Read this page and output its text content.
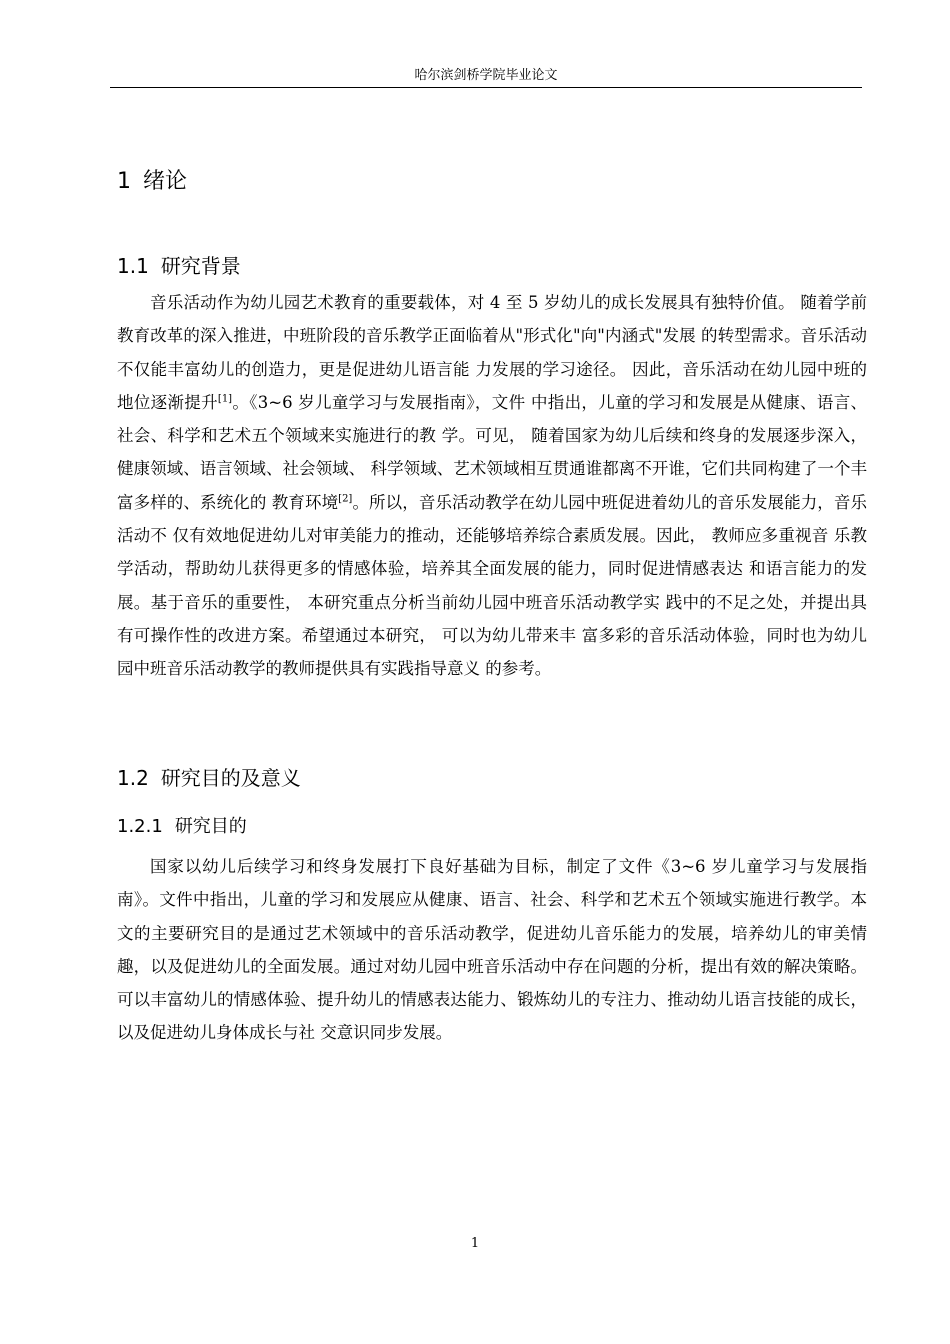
哈尔滨剑桥学院毕业论文
1 绪论
1.1 研究背景

音乐活动作为幼儿园艺术教育的重要载体，对 4 至 5 岁幼儿的成长发展具有独特价值。 随着学前教育改革的深入推进，中班阶段的音乐教学正面临着从"形式化"向"内涵式"发展 的转型需求。音乐活动不仅能丰富幼儿的创造力，更是促进幼儿语言能 力发展的学习途径。 因此，音乐活动在幼儿园中班的地位逐渐提升[1]。《3~6 岁儿童学习与发展指南》，文件 中指出，儿童的学习和发展是从健康、语言、社会、科学和艺术五个领域来实施进行的教 学。可见， 随着国家为幼儿后续和终身的发展逐步深入，健康领域、语言领域、社会领域、 科学领域、艺术领域相互贯通谁都离不开谁，它们共同构建了一个丰富多样的、系统化的 教育环境[2]。所以，音乐活动教学在幼儿园中班促进着幼儿的音乐发展能力，音乐活动不 仅有效地促进幼儿对审美能力的推动，还能够培养综合素质发展。因此， 教师应多重视音 乐教学活动，帮助幼儿获得更多的情感体验，培养其全面发展的能力，同时促进情感表达 和语言能力的发展。基于音乐的重要性， 本研究重点分析当前幼儿园中班音乐活动教学实 践中的不足之处，并提出具有可操作性的改进方案。希望通过本研究， 可以为幼儿带来丰 富多彩的音乐活动体验，同时也为幼儿园中班音乐活动教学的教师提供具有实践指导意义 的参考。

1.2 研究目的及意义
1.2.1 研究目的

国家以幼儿后续学习和终身发展打下良好基础为目标，制定了文件《3~6 岁儿童学习与发展指南》。文件中指出，儿童的学习和发展应从健康、语言、社会、科学和艺术五个领域实施进行教学。本文的主要研究目的是通过艺术领域中的音乐活动教学，促进幼儿音乐能力的发展，培养幼儿的审美情趣，以及促进幼儿的全面发展。通过对幼儿园中班音乐活动中存在问题的分析，提出有效的解决策略。可以丰富幼儿的情感体验、提升幼儿的情感表达能力、锻炼幼儿的专注力、推动幼儿语言技能的成长， 以及促进幼儿身体成长与社 交意识同步发展。

1
